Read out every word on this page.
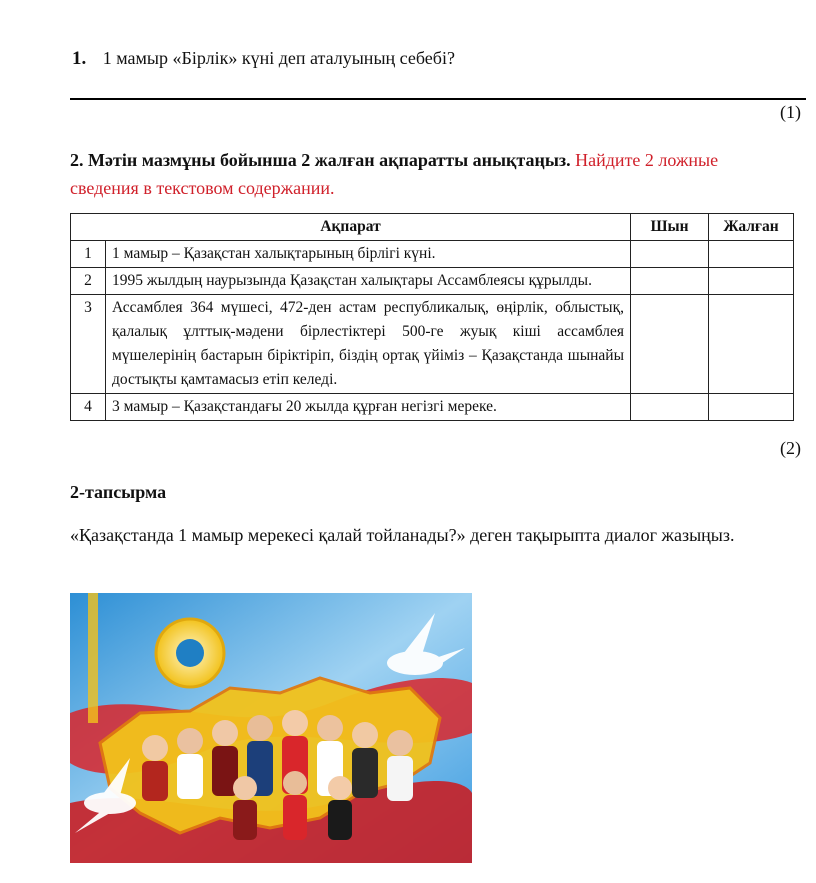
1. 1 мамыр «Бірлік» күні деп аталуының себебі?
(1)
2. Мәтін мазмұны бойынша 2 жалған ақпаратты анықтаңыз. Найдите 2 ложные сведения в текстовом содержании.
Ақпарат		Шын	Жалған
1	1 мамыр – Қазақстан халықтарының бірлігі күні.		
2	1995 жылдың наурызында Қазақстан халықтары Ассамблеясы құрылды.		
3	Ассамблея 364 мүшесі, 472-ден астам республикалық, өңірлік, облыстық, қалалық ұлттық-мәдени бірлестіктері 500-ге жуық кіші ассамблея мүшелерінің бастарын біріктіріп, біздің ортақ үйіміз – Қазақстанда шынайы достықты қамтамасыз етіп келеді.		
4	3 мамыр – Қазақстандағы 20 жылда құрған негізгі мереке.		
(2)
2-тапсырма
«Қазақстанда 1 мамыр мерекесі қалай тойланады?» деген тақырыпта диалог жазыңыз.
